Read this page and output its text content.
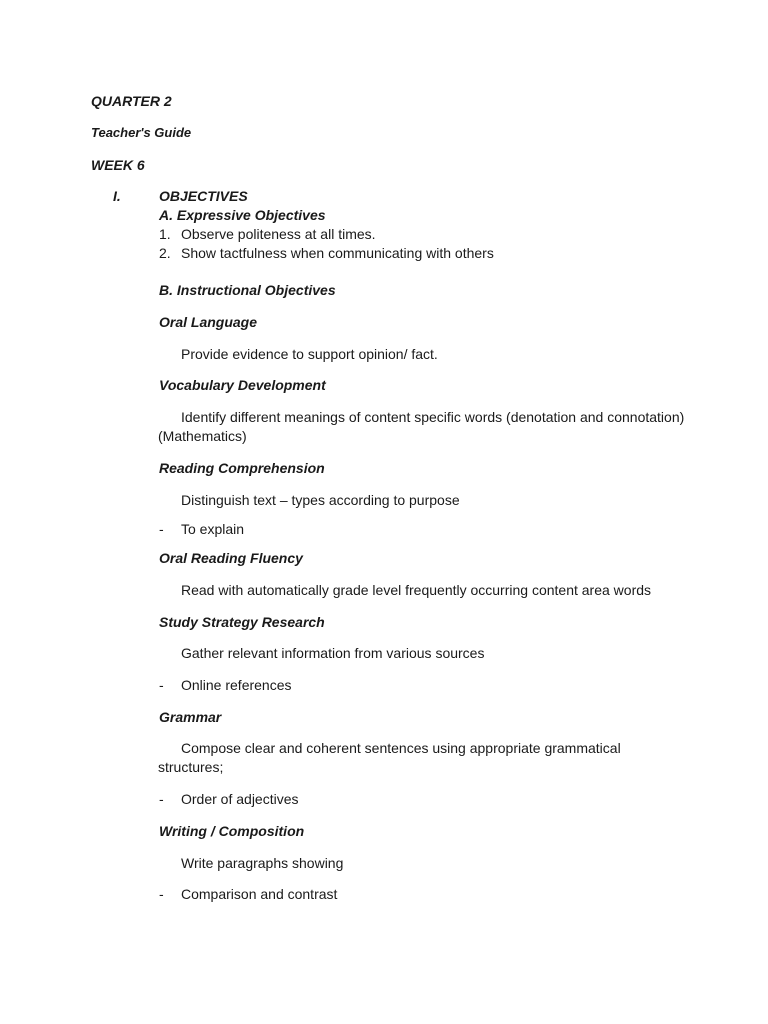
QUARTER 2
Teacher's Guide
WEEK 6
I.	OBJECTIVES
A. Expressive Objectives
1. Observe politeness at all times.
2. Show tactfulness when communicating with others
B. Instructional Objectives
Oral Language
Provide evidence to support opinion/ fact.
Vocabulary Development
Identify different meanings of content specific words (denotation and connotation)
(Mathematics)
Reading Comprehension
Distinguish text – types according to purpose
- To explain
Oral Reading Fluency
Read with automatically grade level frequently occurring content area words
Study Strategy Research
Gather relevant information from various sources
- Online references
Grammar
Compose clear and coherent sentences using appropriate grammatical
structures;
- Order of adjectives
Writing / Composition
Write paragraphs showing
- Comparison and contrast
